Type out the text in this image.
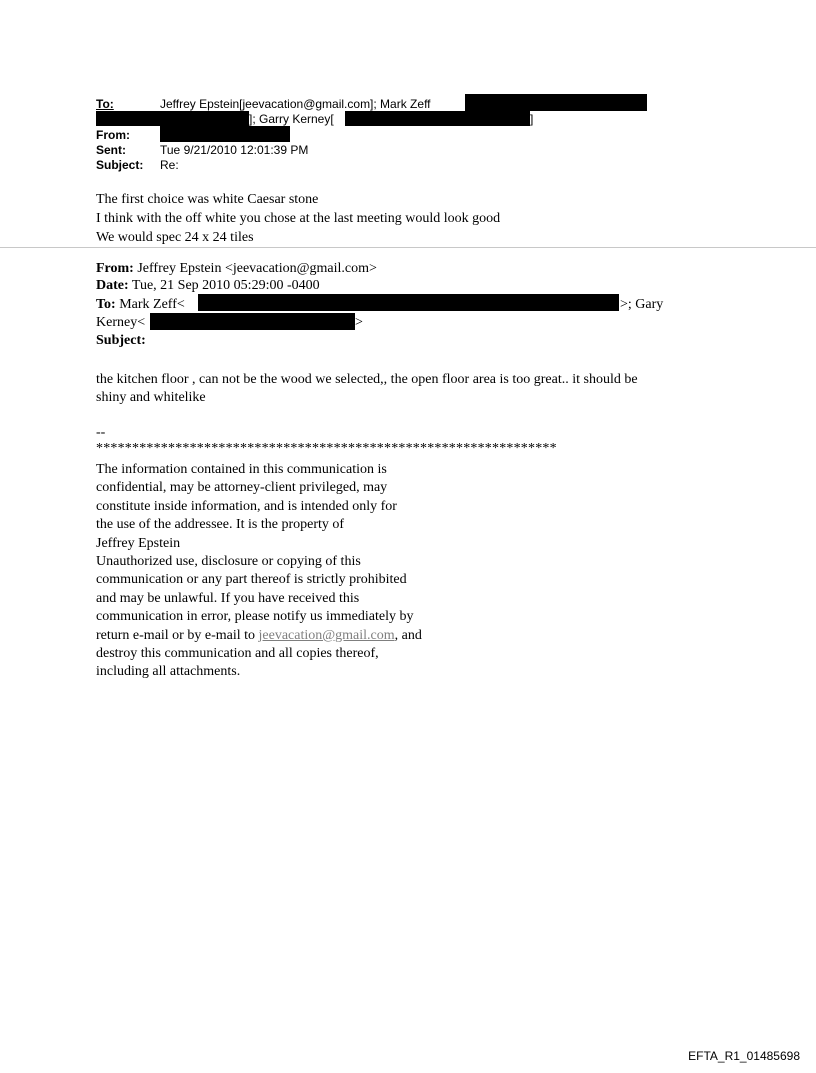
To:	Jeffrey Epstein[jeevacation@gmail.com]; Mark Zeff
]; Garry Kerney[	]
From:
Sent:	Tue 9/21/2010 12:01:39 PM
Subject: Re:
The first choice was white Caesar stone
I think with the off white you chose at the last meeting would look good
We would spec 24 x 24 tiles
From: Jeffrey Epstein <jeevacation@gmail.com>
Date: Tue, 21 Sep 2010 05:29:00 -0400
To: Mark Zeff<	>; Gary
Kerney<	>
Subject:
the kitchen floor , can not be the wood we selected,, the open floor area is too great.. it should be
shiny and whitelike
--
****************************************************************
The information contained in this communication is
confidential, may be attorney-client privileged, may
constitute inside information, and is intended only for
the use of the addressee. It is the property of
Jeffrey Epstein
Unauthorized use, disclosure or copying of this
communication or any part thereof is strictly prohibited
and may be unlawful. If you have received this
communication in error, please notify us immediately by
return e-mail or by e-mail to jeevacation@gmail.com, and
destroy this communication and all copies thereof,
including all attachments.
EFTA_R1_01485698
